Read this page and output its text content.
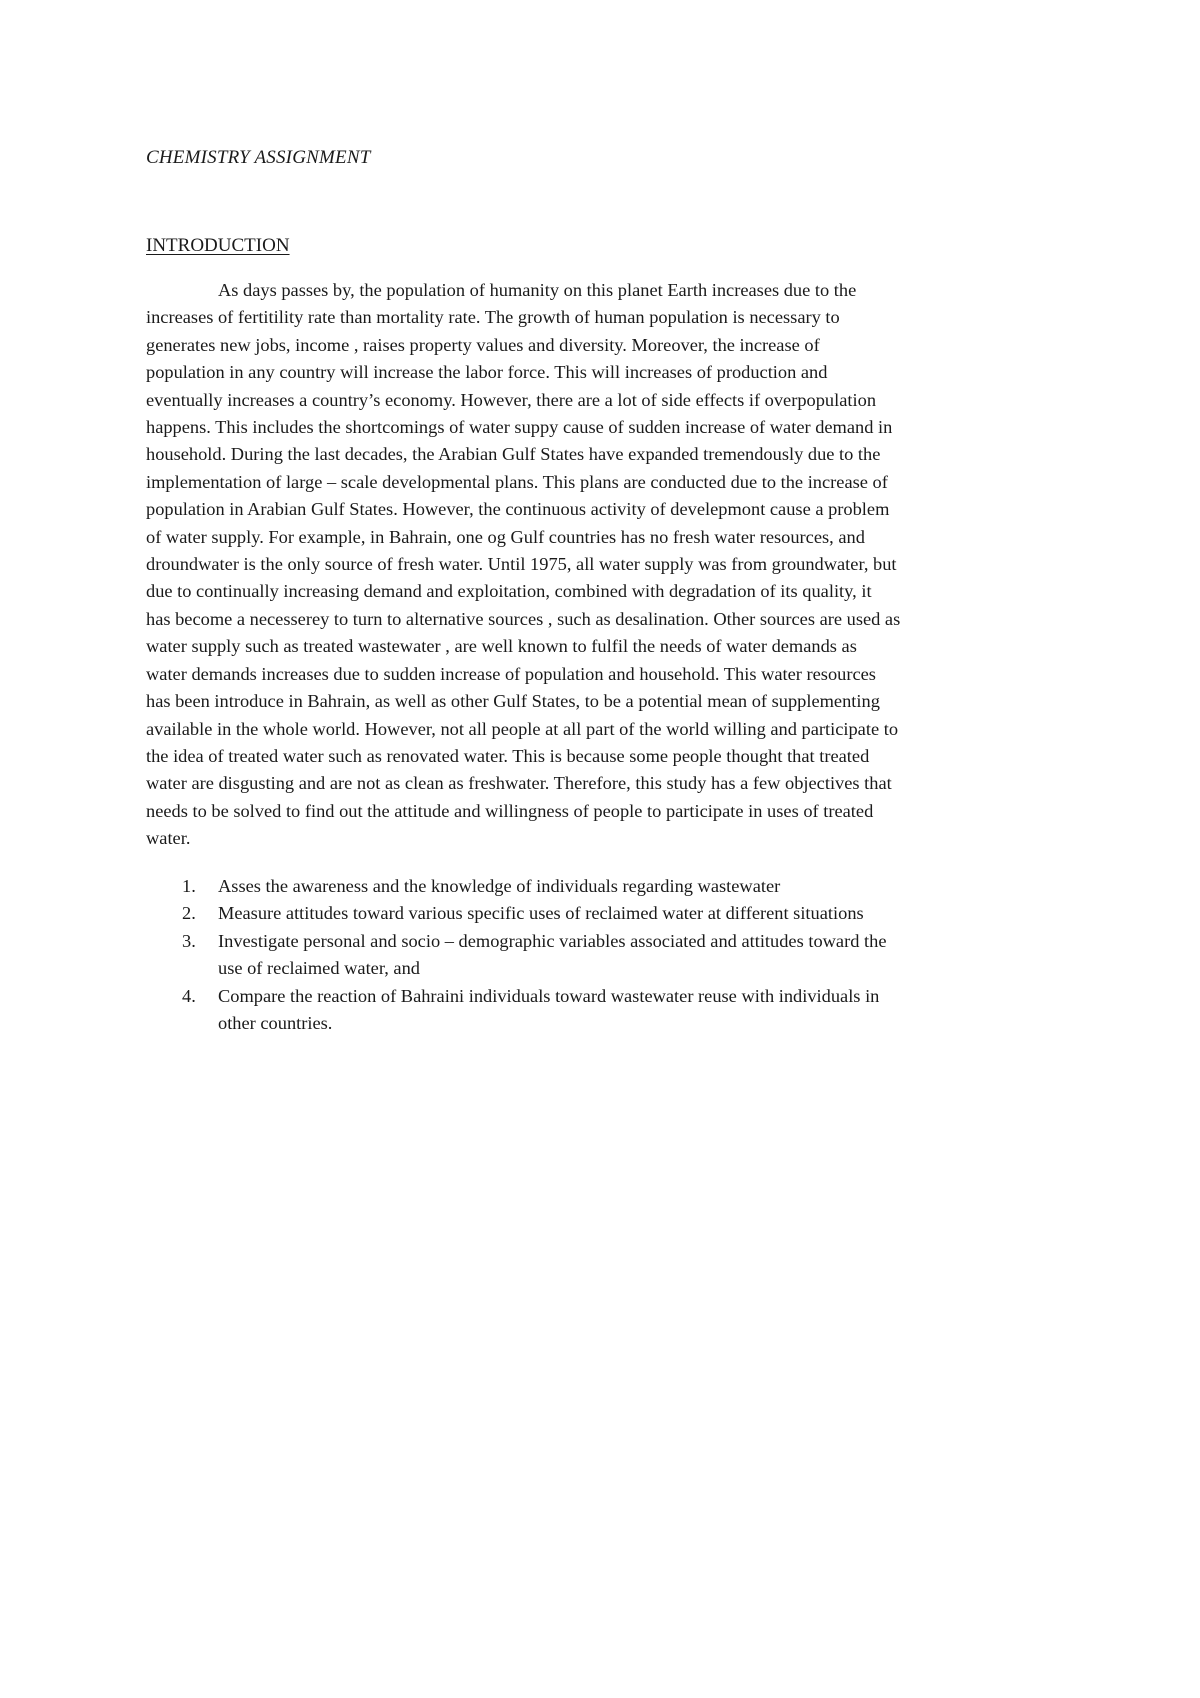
CHEMISTRY ASSIGNMENT
INTRODUCTION
As days passes by, the population of humanity on this planet Earth increases due to the
increases of fertitility rate than mortality rate. The growth of human population is necessary to
generates new jobs, income , raises property values and diversity. Moreover, the increase of
population in any country will increase the labor force. This will increases of production and
eventually increases a country’s economy. However, there are a lot of side effects if overpopulation
happens. This includes the shortcomings of water suppy cause of sudden increase of water demand in
household. During the last decades, the Arabian Gulf States have expanded tremendously due to the
implementation of large – scale developmental plans. This plans are conducted due to the increase of
population in Arabian Gulf States. However, the continuous activity of develepmont cause a problem
of water supply. For example, in Bahrain, one og Gulf countries has no fresh water resources, and
droundwater is the only source of fresh water. Until 1975, all water supply was from groundwater, but
due to continually increasing demand and exploitation, combined with degradation of its quality, it
has become a necesserey to turn to alternative sources , such as desalination. Other sources are used as
water supply such as treated wastewater , are well known to fulfil the needs of water demands as
water demands increases due to sudden increase of population and household. This water resources
has been introduce in Bahrain, as well as other Gulf States, to be a potential mean of supplementing
available in the whole world. However, not all people at all part of the world willing and participate to
the idea of treated water such as renovated water. This is because some people thought that treated
water are disgusting and are not as clean as freshwater. Therefore, this study has a few objectives that
needs to be solved to find out the attitude and willingness of people to participate in uses of treated
water.
1. Asses the awareness and the knowledge of individuals regarding wastewater
2. Measure attitudes toward various specific uses of reclaimed water at different situations
3. Investigate personal and socio – demographic variables associated and attitudes toward the
use of reclaimed water, and
4. Compare the reaction of Bahraini individuals toward wastewater reuse with individuals in
other countries.
